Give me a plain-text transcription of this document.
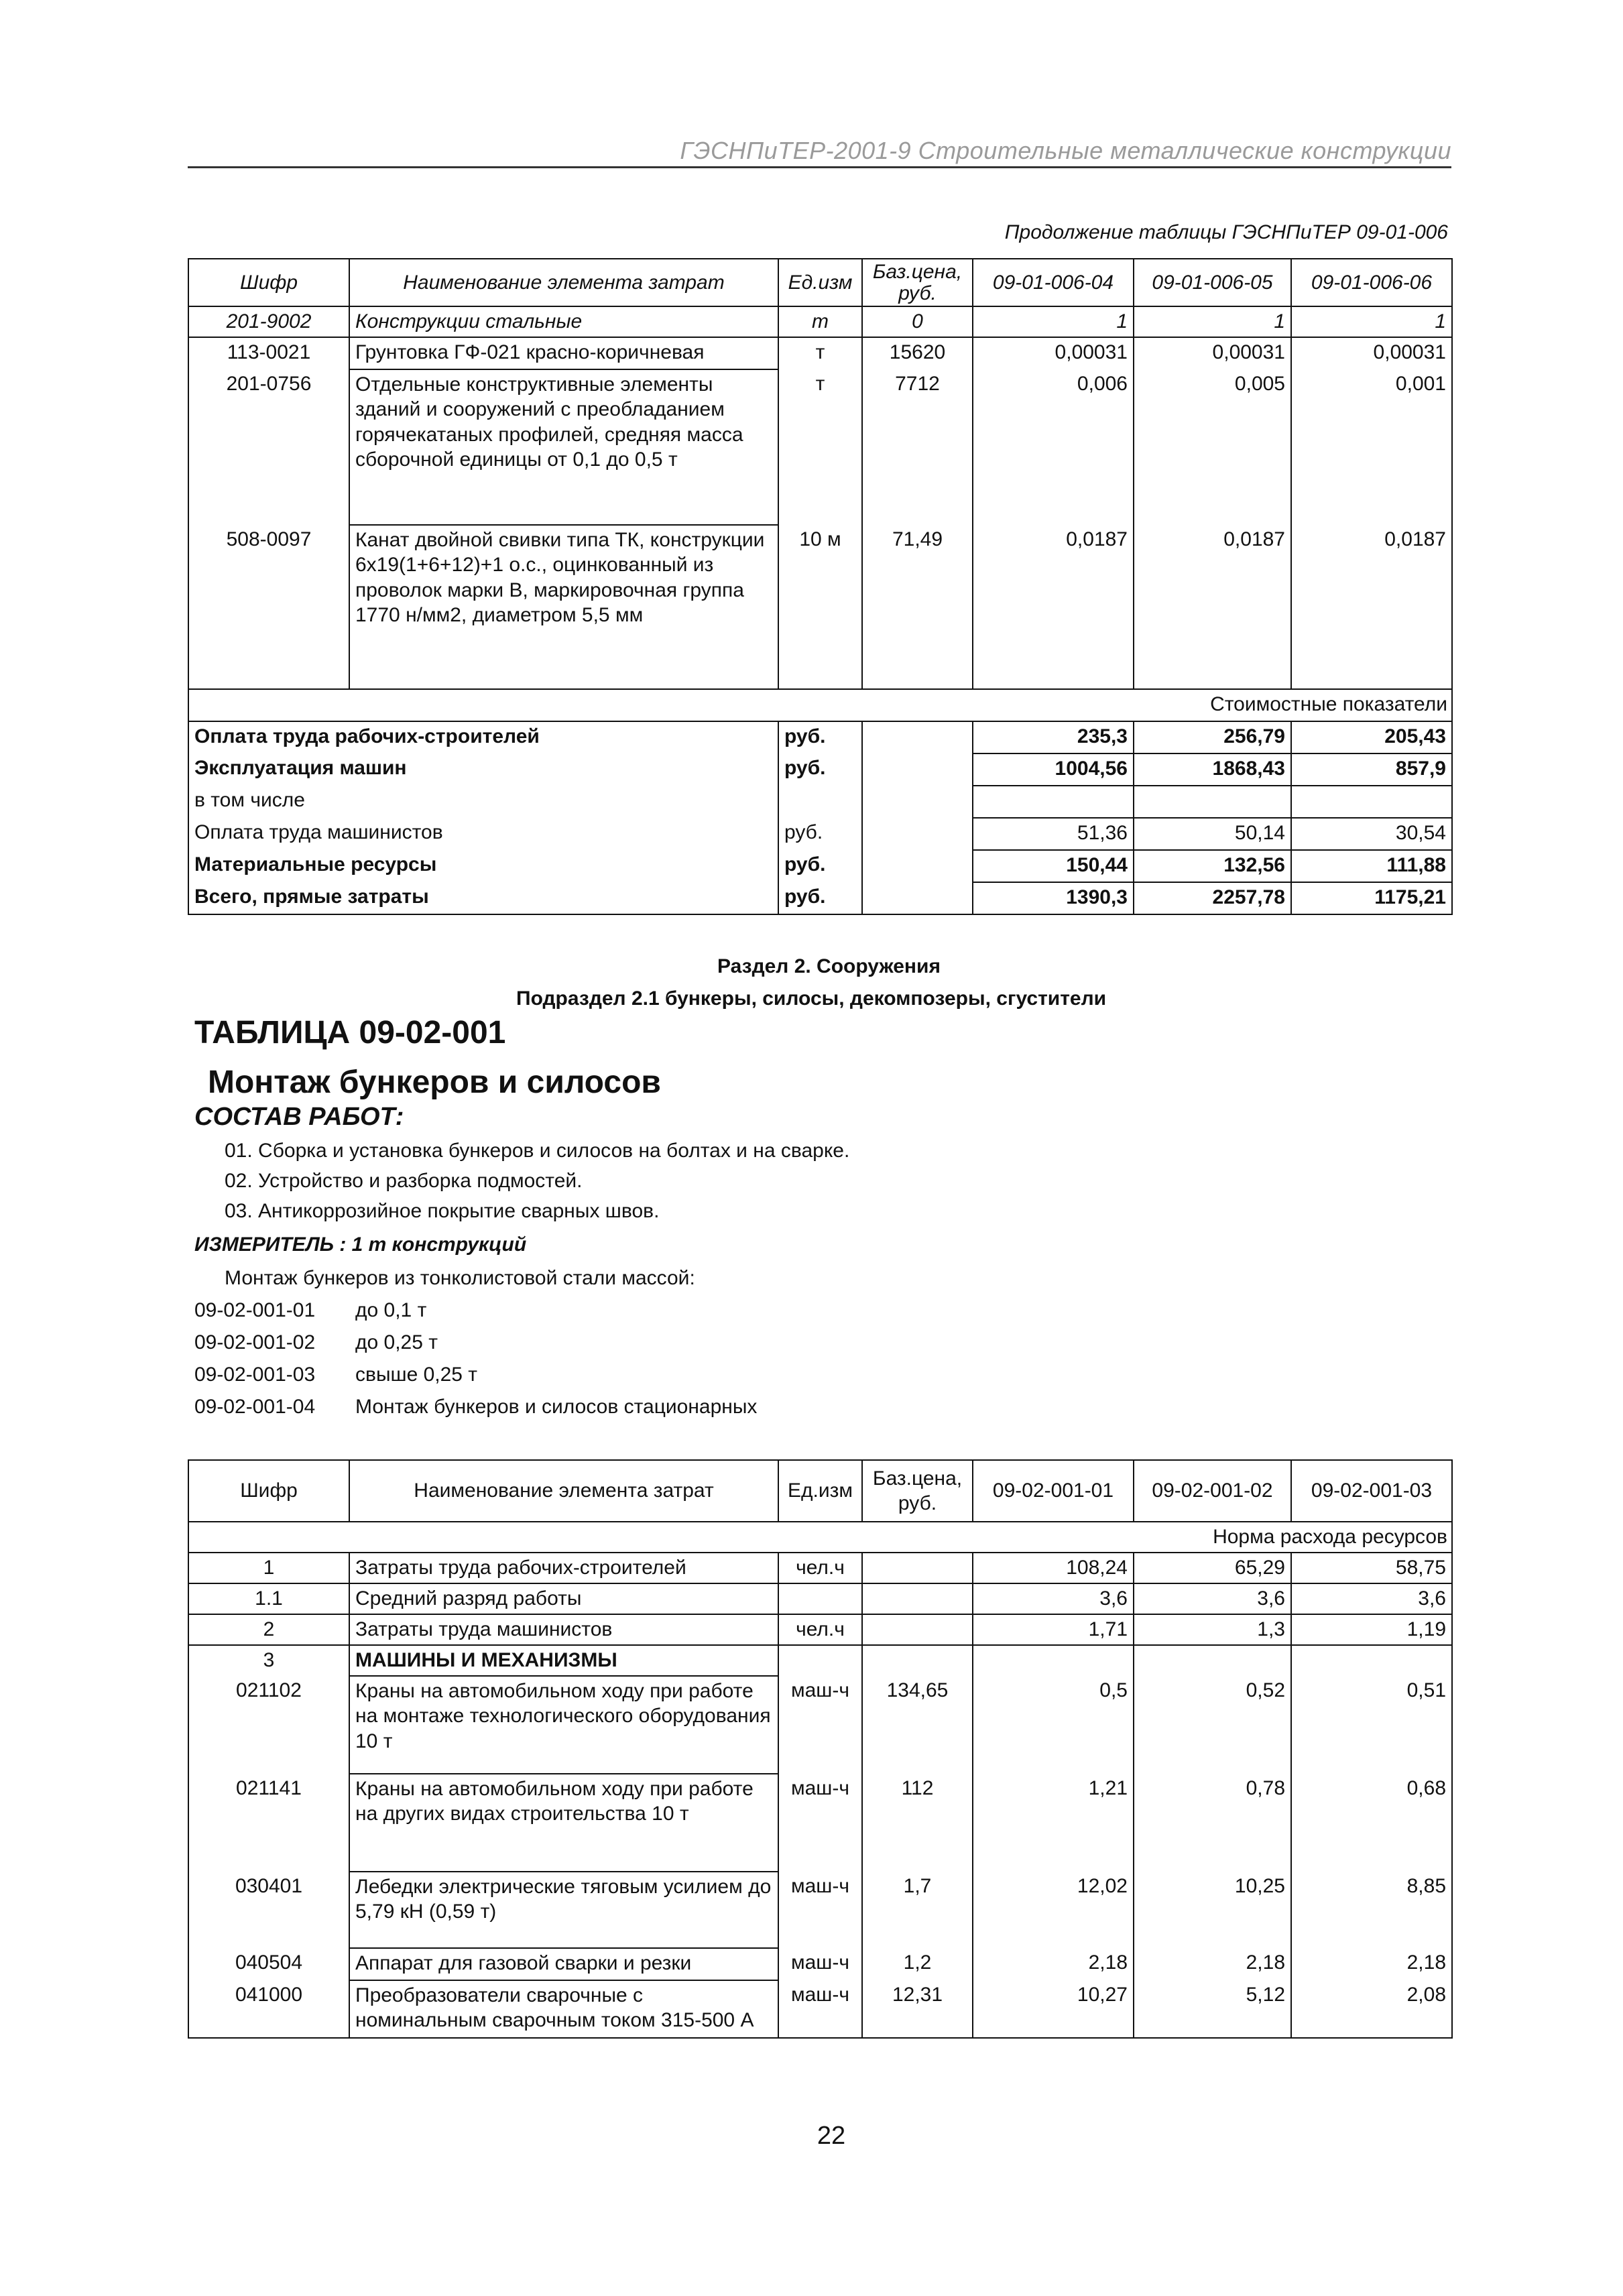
ГЭСНПиТЕР-2001-9 Строительные металлические конструкции
Продолжение таблицы ГЭСНПиТЕР 09-01-006
Шифр	Наименование элемента затрат	Ед.изм	Баз.цена, руб.	09-01-006-04	09-01-006-05	09-01-006-06
201-9002	Конструкции стальные	т	0	1	1	1
113-0021	Грунтовка ГФ-021 красно-коричневая	т	15620	0,00031	0,00031	0,00031
201-0756	Отдельные конструктивные элементы зданий и сооружений с преобладанием горячекатаных профилей, средняя масса сборочной единицы от 0,1 до 0,5 т	т	7712	0,006	0,005	0,001
508-0097	Канат двойной свивки типа ТК, конструкции 6х19(1+6+12)+1 о.с., оцинкованный из проволок марки В, маркировочная группа 1770 н/мм2, диаметром 5,5 мм	10 м	71,49	0,0187	0,0187	0,0187
Стоимостные показатели						
Оплата труда рабочих-строителей		руб.		235,3	256,79	205,43
Эксплуатация машин		руб.		1004,56	1868,43	857,9
в том числе						
Оплата труда машинистов		руб.		51,36	50,14	30,54
Материальные ресурсы		руб.		150,44	132,56	111,88
Всего, прямые затраты		руб.		1390,3	2257,78	1175,21
Раздел 2. Сооружения
Подраздел 2.1 бункеры, силосы, декомпозеры, сгустители
ТАБЛИЦА 09-02-001
Монтаж бункеров и силосов
СОСТАВ РАБОТ:
01. Сборка и установка бункеров и силосов на болтах и на сварке.
02. Устройство и разборка подмостей.
03. Антикоррозийное покрытие сварных швов.
ИЗМЕРИТЕЛЬ : 1 т конструкций
Монтаж бункеров из тонколистовой стали массой:
09-02-001-01 до 0,1 т
09-02-001-02 до 0,25 т
09-02-001-03 свыше 0,25 т
09-02-001-04 Монтаж бункеров и силосов стационарных
Шифр	Наименование элемента затрат	Ед.изм	Баз.цена, руб.	09-02-001-01	09-02-001-02	09-02-001-03
Норма расхода ресурсов						
1	Затраты труда рабочих-строителей	чел.ч		108,24	65,29	58,75
1.1	Средний разряд работы			3,6	3,6	3,6
2	Затраты труда машинистов	чел.ч		1,71	1,3	1,19
3	МАШИНЫ И МЕХАНИЗМЫ					
021102	Краны на автомобильном ходу при работе на монтаже технологического оборудования 10 т	маш-ч	134,65	0,5	0,52	0,51
021141	Краны на автомобильном ходу при работе на других видах строительства 10 т	маш-ч	112	1,21	0,78	0,68
030401	Лебедки электрические тяговым усилием до 5,79 кН (0,59 т)	маш-ч	1,7	12,02	10,25	8,85
040504	Аппарат для газовой сварки и резки	маш-ч	1,2	2,18	2,18	2,18
041000	Преобразователи сварочные с номинальным сварочным током 315-500 А	маш-ч	12,31	10,27	5,12	2,08
22
